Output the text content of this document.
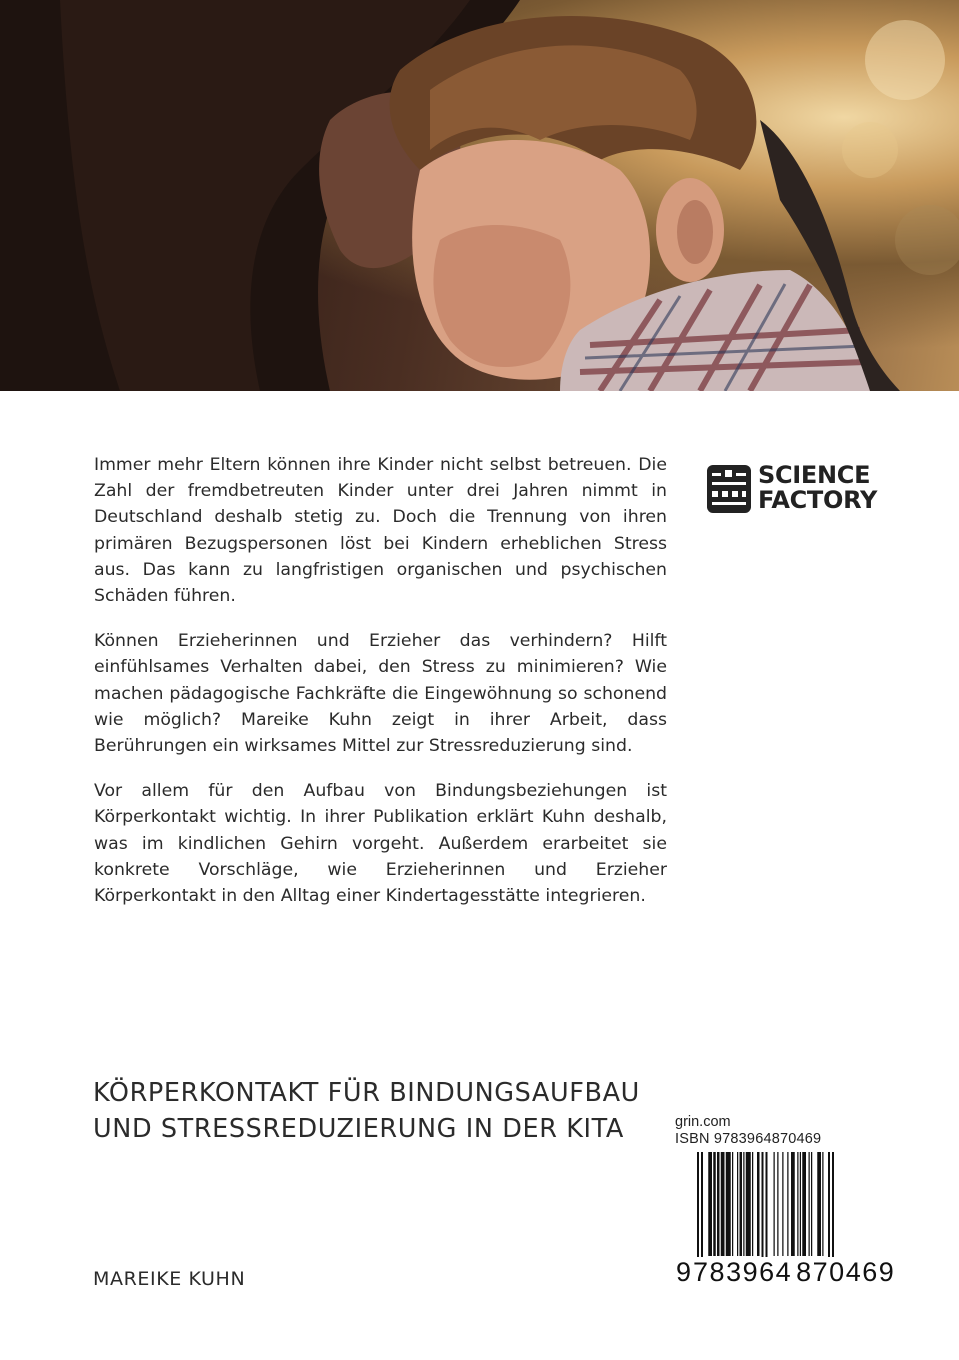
Immer mehr Eltern können ihre Kinder nicht selbst betreuen. Die Zahl der fremdbetreuten Kinder unter drei Jahren nimmt in Deutschland deshalb stetig zu. Doch die Trennung von ihren primären Bezugspersonen löst bei Kindern erheblichen Stress aus. Das kann zu langfristigen organischen und psychischen Schäden führen.

Können Erzieherinnen und Erzieher das verhindern? Hilft einfühlsames Verhalten dabei, den Stress zu minimieren? Wie machen pädagogische Fachkräfte die Eingewöhnung so schonend wie möglich? Mareike Kuhn zeigt in ihrer Arbeit, dass Berührungen ein wirksames Mittel zur Stressreduzierung sind.

Vor allem für den Aufbau von Bindungsbeziehungen ist Körperkontakt wichtig. In ihrer Publikation erklärt Kuhn deshalb, was im kindlichen Gehirn vorgeht. Außerdem erarbeitet sie konkrete Vorschläge, wie Erzieherinnen und Erzieher Körperkontakt in den Alltag einer Kindertagesstätte integrieren.

SCIENCE
FACTORY
KÖRPERKONTAKT FÜR BINDUNGSAUFBAU
UND STRESSREDUZIERUNG IN DER KITA
MAREIKE KUHN
grin.com
ISBN 9783964870469
9 783964 870469
